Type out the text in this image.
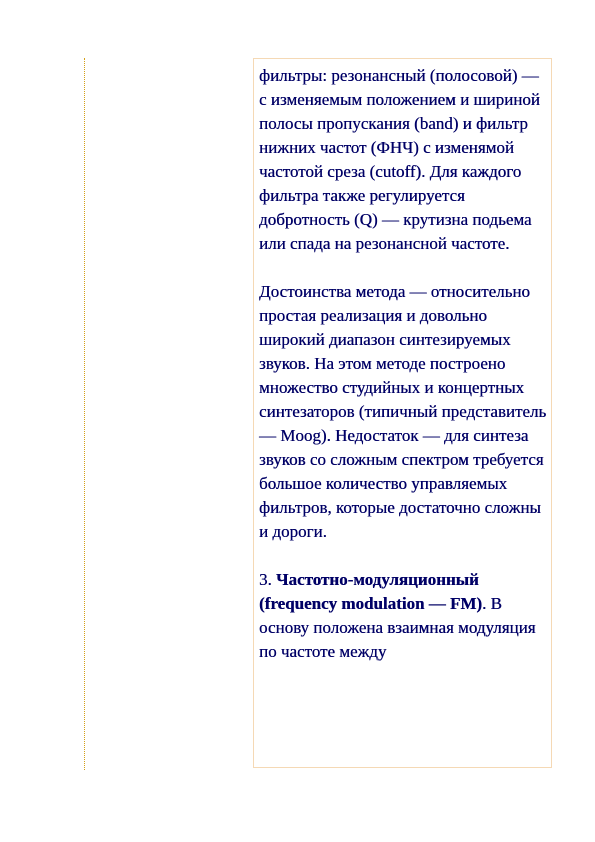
фильтры: резонансный (полосовой) — с изменяемым положением и шириной полосы пропускания (band) и фильтр нижних частот (ФНЧ) с изменямой частотой среза (cutoff). Для каждого фильтра также регулируется добротность (Q) — крутизна подьема или спада на резонансной частоте.

Достоинства метода — относительно простая реализация и довольно широкий диапазон синтезируемых звуков. На этом методе построено множество студийных и концертных синтезаторов (типичный представитель — Moog). Недостаток — для синтеза звуков со сложным спектром требуется большое количество управляемых фильтров, которые достаточно сложны и дороги.

3. Частотно-модуляционный (frequency modulation — FM). В основу положена взаимная модуляция по частоте между
